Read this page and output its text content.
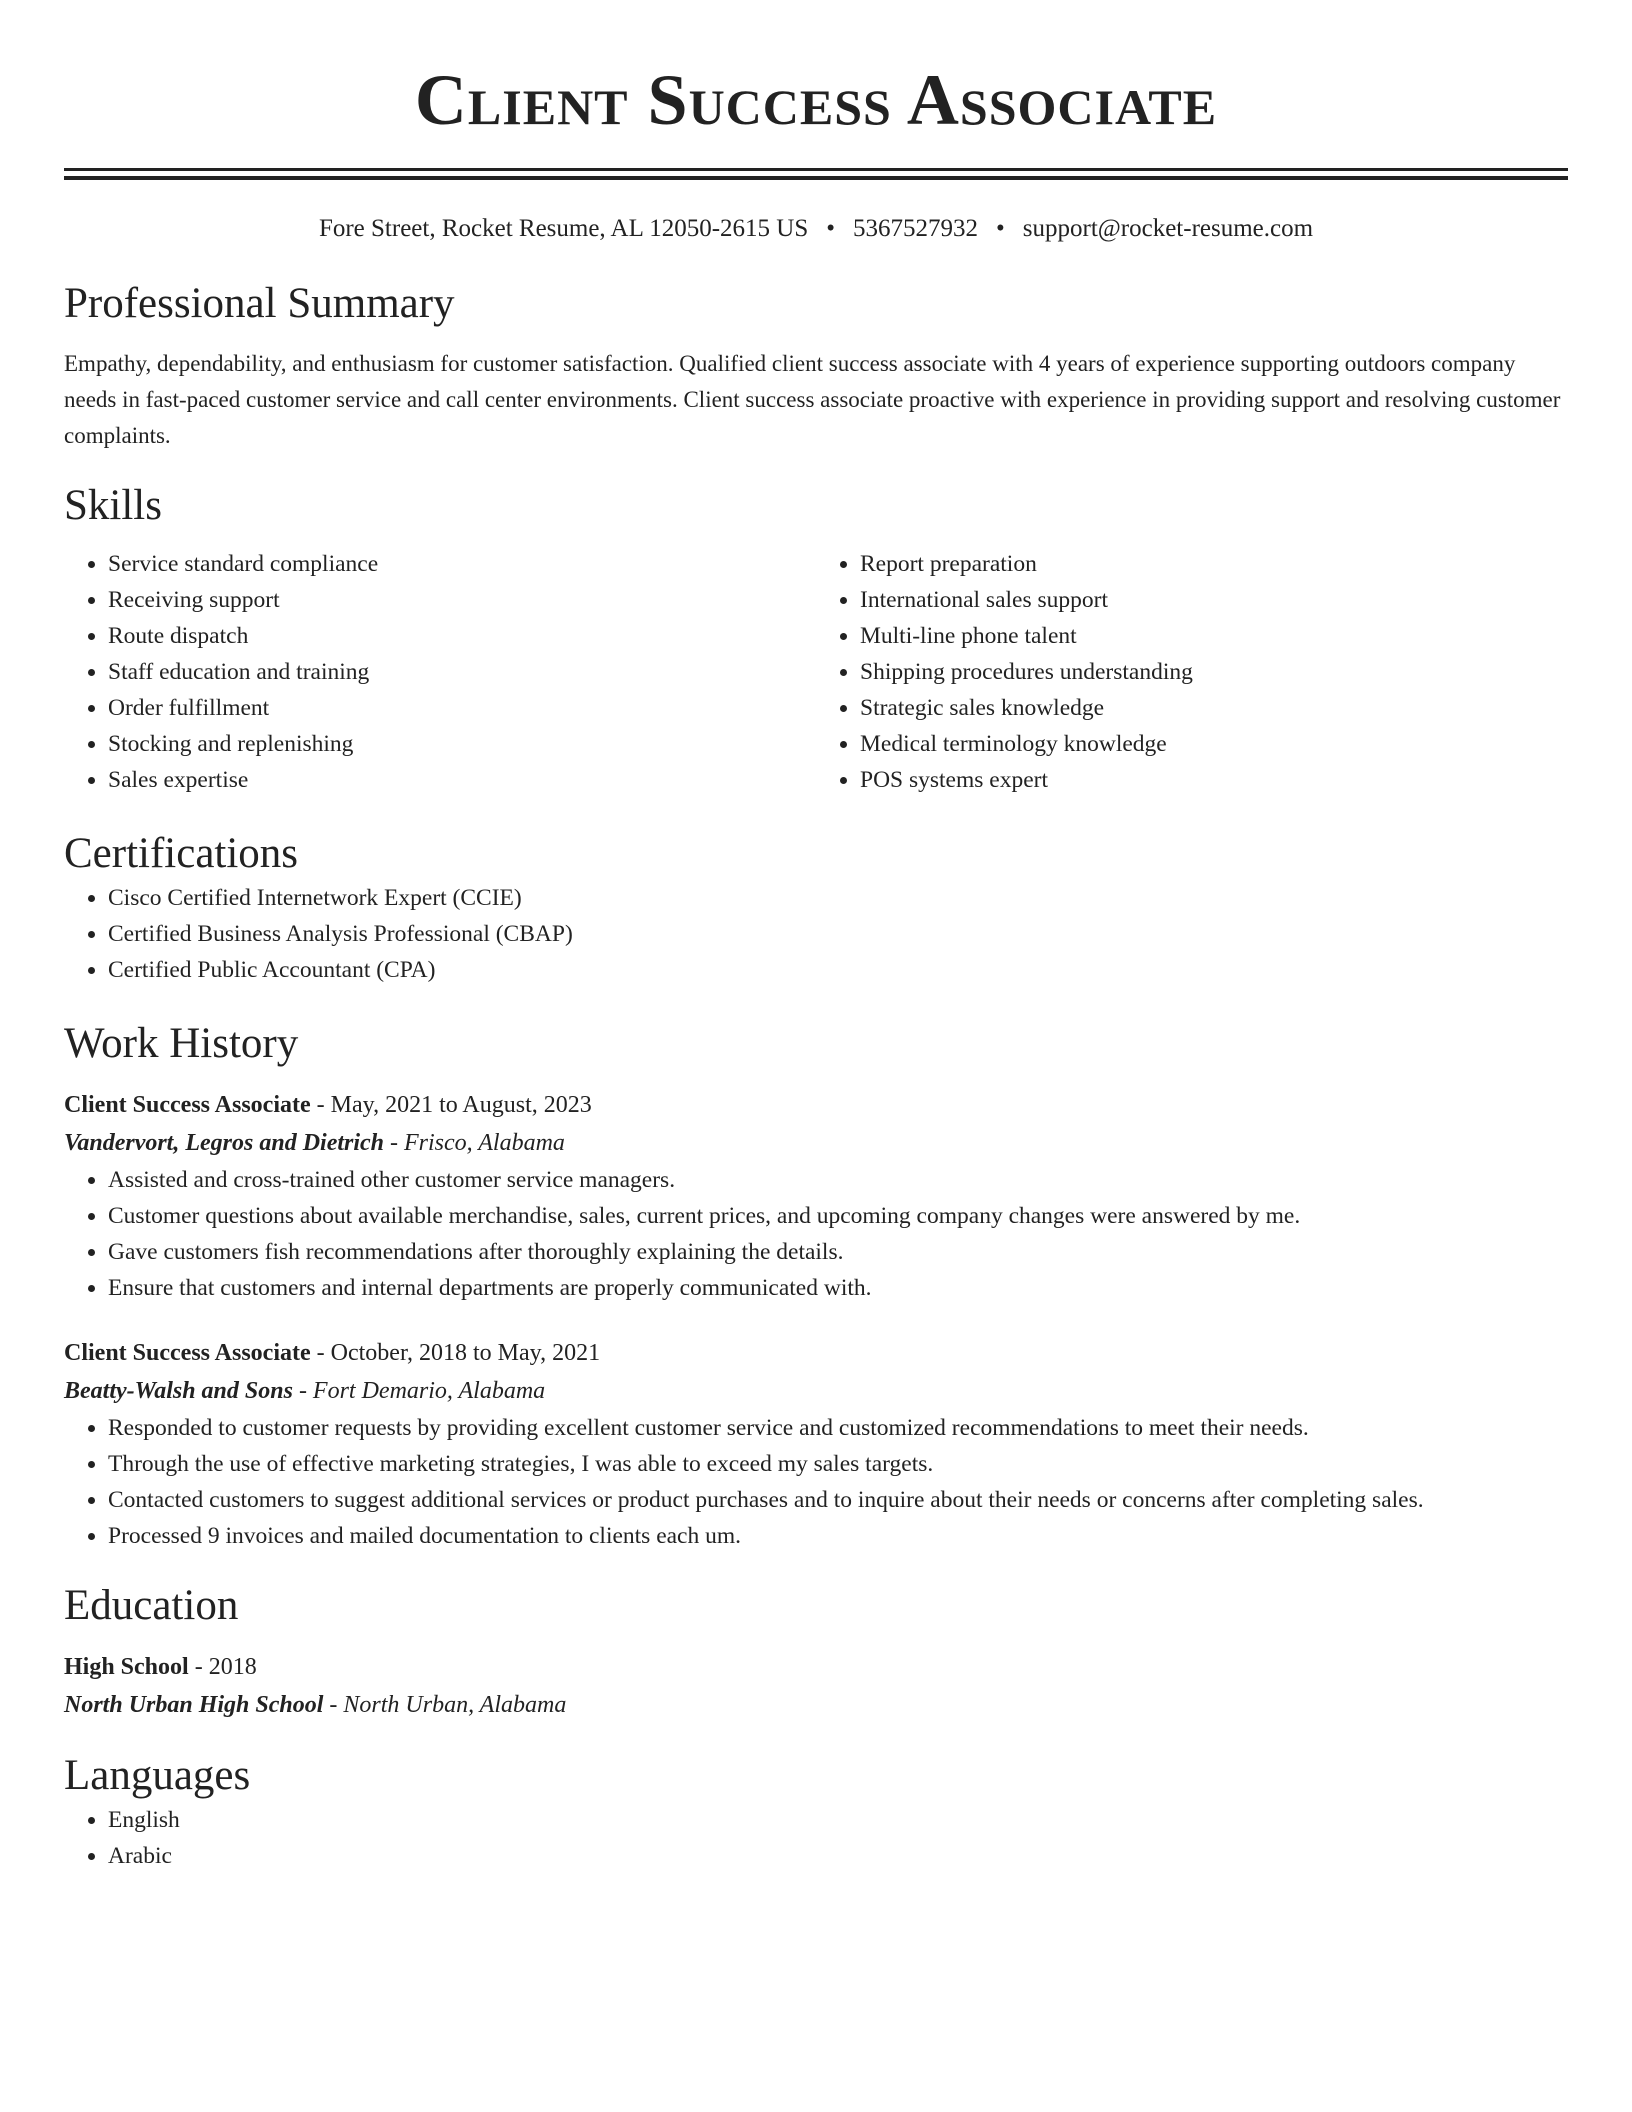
Client Success Associate
Fore Street, Rocket Resume, AL 12050-2615 US • 5367527932 • support@rocket-resume.com
Professional Summary

Empathy, dependability, and enthusiasm for customer satisfaction. Qualified client success associate with 4 years of experience supporting outdoors company needs in fast-paced customer service and call center environments. Client success associate proactive with experience in providing support and resolving customer complaints.

Skills
• Service standard compliance
• Receiving support
• Route dispatch
• Staff education and training
• Order fulfillment
• Stocking and replenishing
• Sales expertise
• Report preparation
• International sales support
• Multi-line phone talent
• Shipping procedures understanding
• Strategic sales knowledge
• Medical terminology knowledge
• POS systems expert
Certifications
• Cisco Certified Internetwork Expert (CCIE)
• Certified Business Analysis Professional (CBAP)
• Certified Public Accountant (CPA)
Work History
Client Success Associate - May, 2021 to August, 2023
Vandervort, Legros and Dietrich - Frisco, Alabama
• Assisted and cross-trained other customer service managers.
• Customer questions about available merchandise, sales, current prices, and upcoming company changes were answered by me.
• Gave customers fish recommendations after thoroughly explaining the details.
• Ensure that customers and internal departments are properly communicated with.
Client Success Associate - October, 2018 to May, 2021
Beatty-Walsh and Sons - Fort Demario, Alabama
• Responded to customer requests by providing excellent customer service and customized recommendations to meet their needs.
• Through the use of effective marketing strategies, I was able to exceed my sales targets.
• Contacted customers to suggest additional services or product purchases and to inquire about their needs or concerns after completing sales.
• Processed 9 invoices and mailed documentation to clients each um.
Education
High School - 2018
North Urban High School - North Urban, Alabama
Languages
• English
• Arabic
